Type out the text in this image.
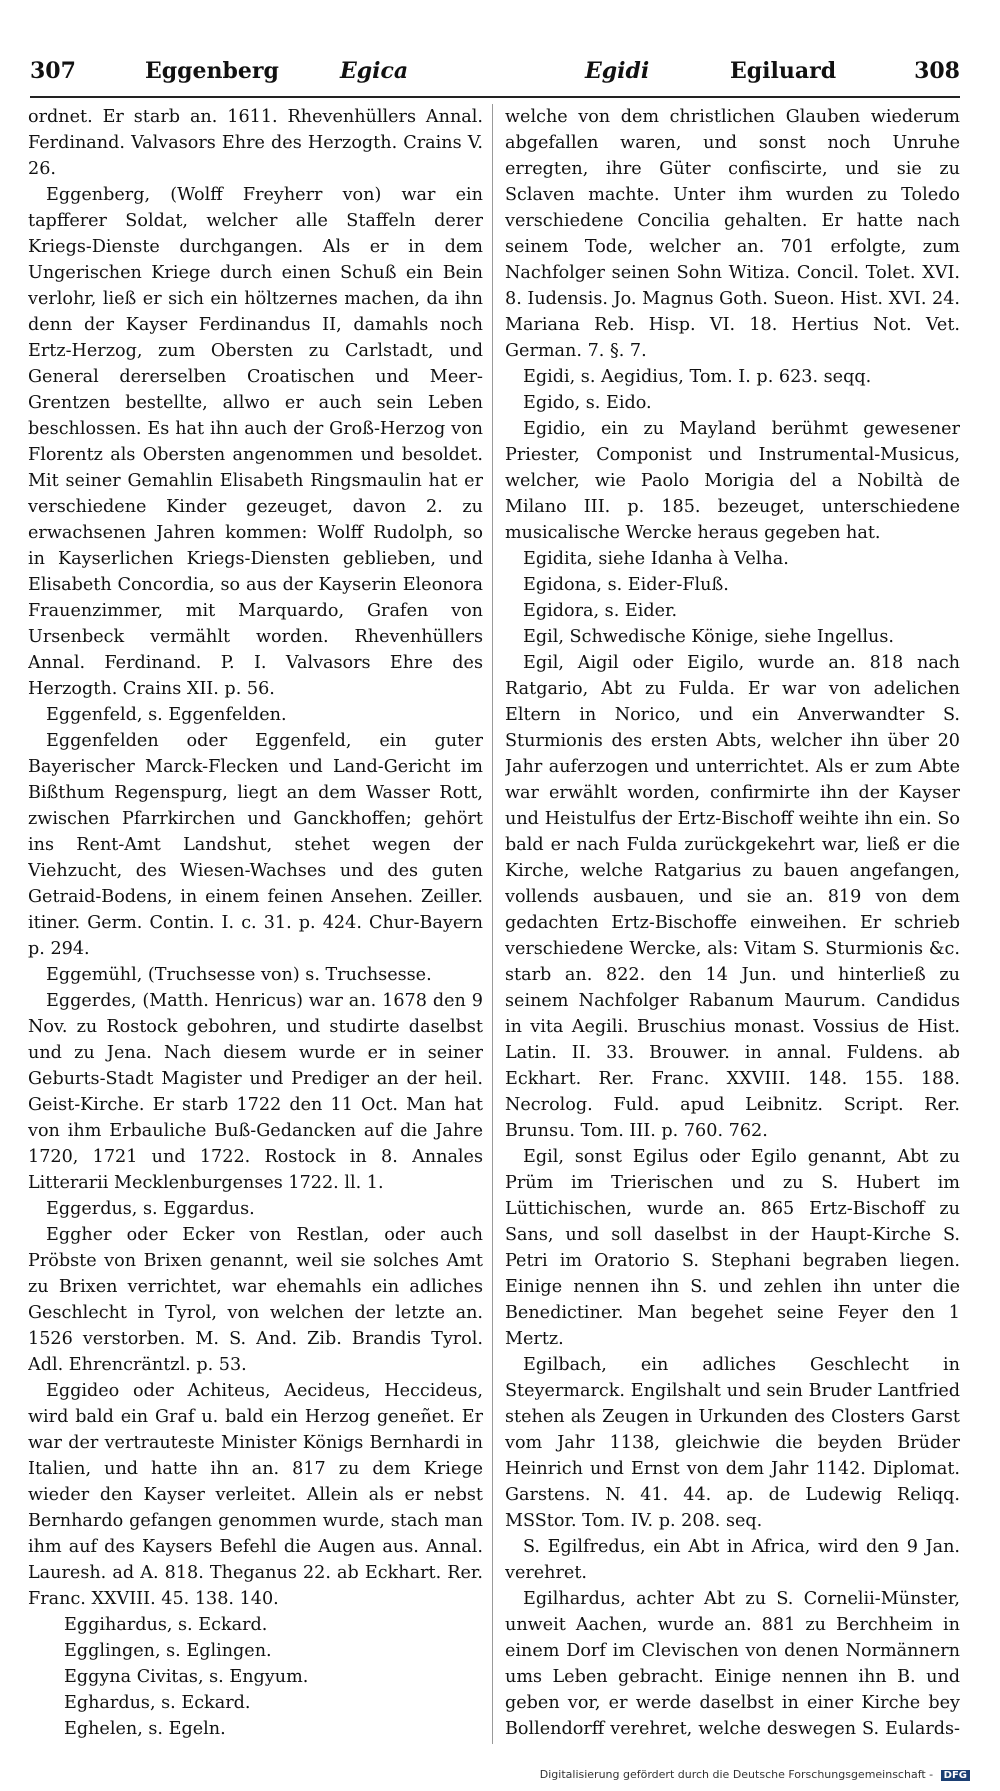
307	Eggenberg	Egica	Egidi	Egiluard	308

ordnet. Er starb an. 1611. Rhevenhüllers Annal. Ferdinand. Valvasors Ehre des Herzogth. Crains V. 26.

Eggenberg, (Wolff Freyherr von) war ein tapfferer Soldat, welcher alle Staffeln derer Kriegs-Dienste durchgangen. Als er in dem Ungerischen Kriege durch einen Schuß ein Bein verlohr, ließ er sich ein höltzernes machen, da ihn denn der Kayser Ferdinandus II, damahls noch Ertz-Herzog, zum Obersten zu Carlstadt, und General dererselben Croatischen und Meer-Grentzen bestellte, allwo er auch sein Leben beschlossen. Es hat ihn auch der Groß-Herzog von Florentz als Obersten angenommen und besoldet. Mit seiner Gemahlin Elisabeth Ringsmaulin hat er verschiedene Kinder gezeuget, davon 2. zu erwachsenen Jahren kommen: Wolff Rudolph, so in Kayserlichen Kriegs-Diensten geblieben, und Elisabeth Concordia, so aus der Kayserin Eleonora Frauenzimmer, mit Marquardo, Grafen von Ursenbeck vermählt worden. Rhevenhüllers Annal. Ferdinand. P. I. Valvasors Ehre des Herzogth. Crains XII. p. 56.

Eggenfeld, s. Eggenfelden.

Eggenfelden oder Eggenfeld, ein guter Bayerischer Marck-Flecken und Land-Gericht im Bißthum Regenspurg, liegt an dem Wasser Rott, zwischen Pfarrkirchen und Ganckhoffen; gehört ins Rent-Amt Landshut, stehet wegen der Viehzucht, des Wiesen-Wachses und des guten Getraid-Bodens, in einem feinen Ansehen. Zeiller. itiner. Germ. Contin. I. c. 31. p. 424. Chur-Bayern p. 294.

Eggemühl, (Truchsesse von) s. Truchsesse.

Eggerdes, (Matth. Henricus) war an. 1678 den 9 Nov. zu Rostock gebohren, und studirte daselbst und zu Jena. Nach diesem wurde er in seiner Geburts-Stadt Magister und Prediger an der heil. Geist-Kirche. Er starb 1722 den 11 Oct. Man hat von ihm Erbauliche Buß-Gedancken auf die Jahre 1720, 1721 und 1722. Rostock in 8. Annales Litterarii Mecklenburgenses 1722. ll. 1.

Eggerdus, s. Eggardus.

Eggher oder Ecker von Restlan, oder auch Pröbste von Brixen genannt, weil sie solches Amt zu Brixen verrichtet, war ehemahls ein adliches Geschlecht in Tyrol, von welchen der letzte an. 1526 verstorben. M. S. And. Zib. Brandis Tyrol. Adl. Ehrencräntzl. p. 53.

Eggideo oder Achiteus, Aecideus, Heccideus, wird bald ein Graf u. bald ein Herzog geneñet. Er war der vertrauteste Minister Königs Bernhardi in Italien, und hatte ihn an. 817 zu dem Kriege wieder den Kayser verleitet. Allein als er nebst Bernhardo gefangen genommen wurde, stach man ihm auf des Kaysers Befehl die Augen aus. Annal. Lauresh. ad A. 818. Theganus 22. ab Eckhart. Rer. Franc. XXVIII. 45. 138. 140.

Eggihardus, s. Eckard.

Egglingen, s. Eglingen.

Eggyna Civitas, s. Engyum.

Eghardus, s. Eckard.

Eghelen, s. Egeln.

welche von dem christlichen Glauben wiederum abgefallen waren, und sonst noch Unruhe erregten, ihre Güter confiscirte, und sie zu Sclaven machte. Unter ihm wurden zu Toledo verschiedene Concilia gehalten. Er hatte nach seinem Tode, welcher an. 701 erfolgte, zum Nachfolger seinen Sohn Witiza. Concil. Tolet. XVI. 8. Iudensis. Jo. Magnus Goth. Sueon. Hist. XVI. 24. Mariana Reb. Hisp. VI. 18. Hertius Not. Vet. German. 7. §. 7.

Egidi, s. Aegidius, Tom. I. p. 623. seqq.

Egido, s. Eido.

Egidio, ein zu Mayland berühmt gewesener Priester, Componist und Instrumental-Musicus, welcher, wie Paolo Morigia del a Nobiltà de Milano III. p. 185. bezeuget, unterschiedene musicalische Wercke heraus gegeben hat.

Egidita, siehe Idanha à Velha.

Egidona, s. Eider-Fluß.

Egidora, s. Eider.

Egil, Schwedische Könige, siehe Ingellus.

Egil, Aigil oder Eigilo, wurde an. 818 nach Ratgario, Abt zu Fulda. Er war von adelichen Eltern in Norico, und ein Anverwandter S. Sturmionis des ersten Abts, welcher ihn über 20 Jahr auferzogen und unterrichtet. Als er zum Abte war erwählt worden, confirmirte ihn der Kayser und Heistulfus der Ertz-Bischoff weihte ihn ein. So bald er nach Fulda zurückgekehrt war, ließ er die Kirche, welche Ratgarius zu bauen angefangen, vollends ausbauen, und sie an. 819 von dem gedachten Ertz-Bischoffe einweihen. Er schrieb verschiedene Wercke, als: Vitam S. Sturmionis &c. starb an. 822. den 14 Jun. und hinterließ zu seinem Nachfolger Rabanum Maurum. Candidus in vita Aegili. Bruschius monast. Vossius de Hist. Latin. II. 33. Brouwer. in annal. Fuldens. ab Eckhart. Rer. Franc. XXVIII. 148. 155. 188. Necrolog. Fuld. apud Leibnitz. Script. Rer. Brunsu. Tom. III. p. 760. 762.

Egil, sonst Egilus oder Egilo genannt, Abt zu Prüm im Trierischen und zu S. Hubert im Lüttichischen, wurde an. 865 Ertz-Bischoff zu Sans, und soll daselbst in der Haupt-Kirche S. Petri im Oratorio S. Stephani begraben liegen. Einige nennen ihn S. und zehlen ihn unter die Benedictiner. Man begehet seine Feyer den 1 Mertz.

Egilbach, ein adliches Geschlecht in Steyermarck. Engilshalt und sein Bruder Lantfried stehen als Zeugen in Urkunden des Closters Garst vom Jahr 1138, gleichwie die beyden Brüder Heinrich und Ernst von dem Jahr 1142. Diplomat. Garstens. N. 41. 44. ap. de Ludewig Reliqq. MSStor. Tom. IV. p. 208. seq.

S. Egilfredus, ein Abt in Africa, wird den 9 Jan. verehret.

Egilhardus, achter Abt zu S. Cornelii-Münster, unweit Aachen, wurde an. 881 zu Berchheim in einem Dorf im Clevischen von denen Normännern ums Leben gebracht. Einige nennen ihn B. und geben vor, er werde daselbst in einer Kirche bey Bollendorff verehret, welche deswegen S. Eulards-

Digitalisierung gefördert durch die Deutsche Forschungsgemeinschaft - DFG
